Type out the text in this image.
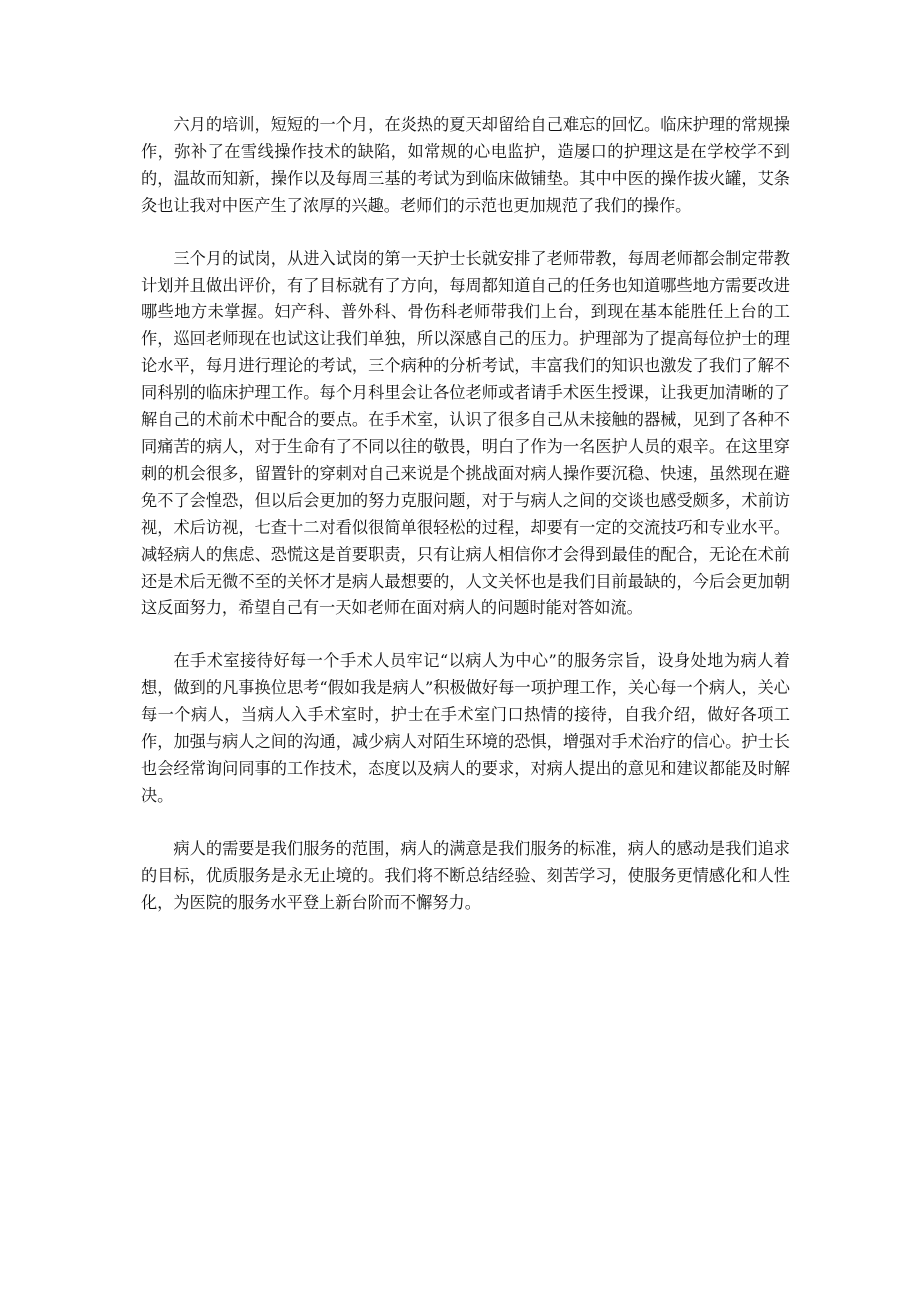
六月的培训，短短的一个月，在炎热的夏天却留给自己难忘的回忆。临床护理的常规操作，弥补了在雪线操作技术的缺陷，如常规的心电监护，造屡口的护理这是在学校学不到的，温故而知新，操作以及每周三基的考试为到临床做铺垫。其中中医的操作拔火罐，艾条灸也让我对中医产生了浓厚的兴趣。老师们的示范也更加规范了我们的操作。

三个月的试岗，从进入试岗的第一天护士长就安排了老师带教，每周老师都会制定带教计划并且做出评价，有了目标就有了方向，每周都知道自己的任务也知道哪些地方需要改进哪些地方未掌握。妇产科、普外科、骨伤科老师带我们上台，到现在基本能胜任上台的工作，巡回老师现在也试这让我们单独，所以深感自己的压力。护理部为了提高每位护士的理论水平，每月进行理论的考试，三个病种的分析考试，丰富我们的知识也激发了我们了解不同科别的临床护理工作。每个月科里会让各位老师或者请手术医生授课，让我更加清晰的了解自己的术前术中配合的要点。在手术室，认识了很多自己从未接触的器械，见到了各种不同痛苦的病人，对于生命有了不同以往的敬畏，明白了作为一名医护人员的艰辛。在这里穿刺的机会很多，留置针的穿刺对自己来说是个挑战面对病人操作要沉稳、快速，虽然现在避免不了会惶恐，但以后会更加的努力克服问题，对于与病人之间的交谈也感受颇多，术前访视，术后访视，七查十二对看似很简单很轻松的过程，却要有一定的交流技巧和专业水平。减轻病人的焦虑、恐慌这是首要职责，只有让病人相信你才会得到最佳的配合，无论在术前还是术后无微不至的关怀才是病人最想要的，人文关怀也是我们目前最缺的，今后会更加朝这反面努力，希望自己有一天如老师在面对病人的问题时能对答如流。

在手术室接待好每一个手术人员牢记“以病人为中心”的服务宗旨，设身处地为病人着想，做到的凡事换位思考“假如我是病人”积极做好每一项护理工作，关心每一个病人，关心每一个病人，当病人入手术室时，护士在手术室门口热情的接待，自我介绍，做好各项工作，加强与病人之间的沟通，减少病人对陌生环境的恐惧，增强对手术治疗的信心。护士长也会经常询问同事的工作技术，态度以及病人的要求，对病人提出的意见和建议都能及时解决。

病人的需要是我们服务的范围，病人的满意是我们服务的标准，病人的感动是我们追求的目标，优质服务是永无止境的。我们将不断总结经验、刻苦学习，使服务更情感化和人性化，为医院的服务水平登上新台阶而不懈努力。
